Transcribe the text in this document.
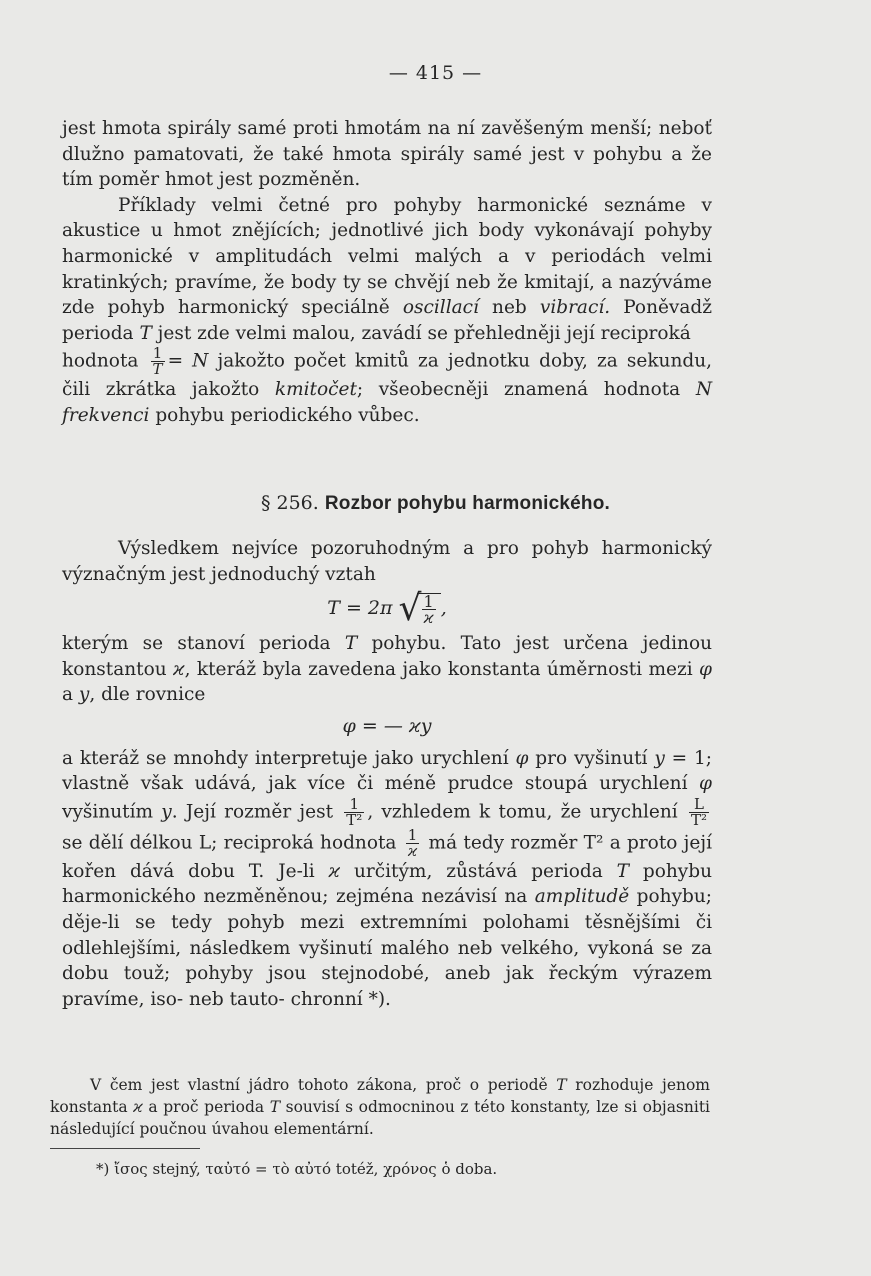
— 415 —

jest hmota spirály samé proti hmotám na ní zavěšeným menší; neboť dlužno pamatovati, že také hmota spirály samé jest v pohybu a že tím poměr hmot jest pozměněn.

Příklady velmi četné pro pohyby harmonické seznáme v akustice u hmot znějících; jednotlivé jich body vykonávají pohyby harmonické v amplitudách velmi malých a v periodách velmi kratinkých; pravíme, že body ty se chvějí neb že kmitají, a nazýváme zde pohyb harmonický speciálně oscillací neb vibrací. Poněvadž perioda T jest zde velmi malou, zavádí se přehledněji její reciproká

hodnota $\frac{1}{T} = N$ jakožto počet kmitů za jednotku doby, za sekundu, čili zkrátka jakožto kmitočet; všeobecněji znamená hodnota N frekvenci pohybu periodického vůbec.

§ 256. Rozbor pohybu harmonického.

Výsledkem nejvíce pozoruhodným a pro pohyb harmonický význačným jest jednoduchý vztah

T = 2π √ $\frac{1}{ϰ}$ ,

kterým se stanoví perioda T pohybu. Tato jest určena jedinou konstantou ϰ, kteráž byla zavedena jako konstanta úměrnosti mezi φ a y, dle rovnice

φ = — ϰy

a kteráž se mnohdy interpretuje jako urychlení φ pro vyšinutí y = 1; vlastně však udává, jak více či méně prudce stoupá urychlení φ vyšinutím y. Její rozměr jest $\frac{1}{\text{T²}}$ , vzhledem k tomu, že urychlení $\frac{L}{\text{T²}}$
se dělí délkou L; reciproká hodnota $\frac{1}{ϰ}$ má tedy rozměr T² a proto její kořen dává dobu T. Je-li ϰ určitým, zůstává perioda T pohybu harmonického nezměněnou; zejména nezávisí na amplitudě pohybu; děje-li se tedy pohyb mezi extremními polohami těsnějšími či odlehlejšími, následkem vyšinutí malého neb velkého, vykoná se za dobu touž; pohyby jsou stejnodobé, aneb jak řeckým výrazem pravíme, iso- neb tauto- chronní *).

V čem jest vlastní jádro tohoto zákona, proč o periodě T rozhoduje jenom konstanta ϰ a proč perioda T souvisí s odmocninou z této konstanty, lze si objasniti následující poučnou úvahou elementární.

*) ἴσος stejný, ταὐτό = τὸ αὐτό totéž, χρόνος ὁ doba.
